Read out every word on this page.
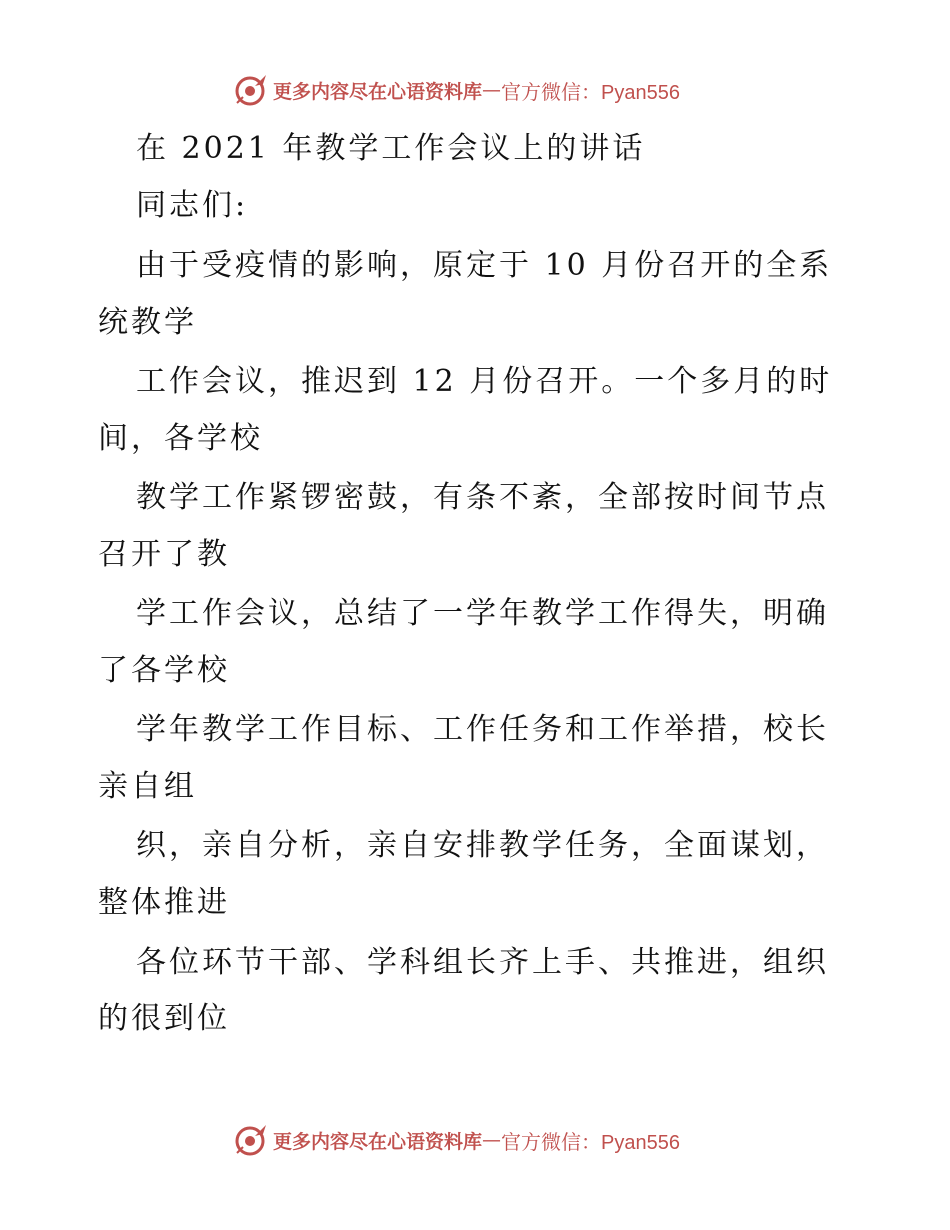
更多内容尽在心语资料库 — 官方微信：Pyan556
在 2021 年教学工作会议上的讲话
同志们:
由于受疫情的影响，原定于 10 月份召开的全系
统教学
工作会议，推迟到 12 月份召开。一个多月的时
间，各学校
教学工作紧锣密鼓，有条不紊，全部按时间节点
召开了教
学工作会议，总结了一学年教学工作得失，明确
了各学校
学年教学工作目标、工作任务和工作举措，校长
亲自组
织，亲自分析，亲自安排教学任务，全面谋划，
整体推进
各位环节干部、学科组长齐上手、共推进，组织
的很到位
更多内容尽在心语资料库 — 官方微信：Pyan556
